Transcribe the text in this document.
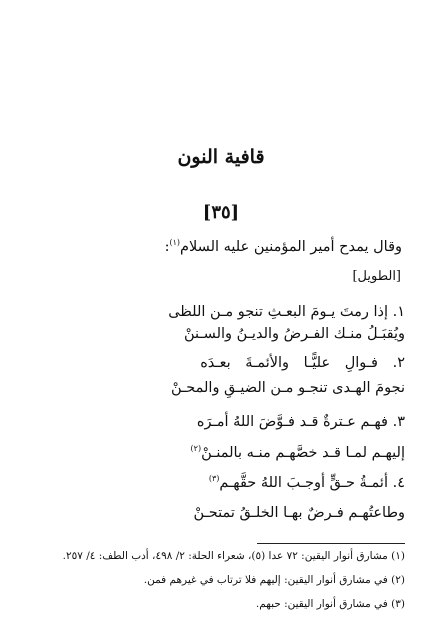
قافية النون
[٣٥]
وقال يمدح أمير المؤمنين عليه السلام$^{(١)}$:
[الطويل]
١. إذا رمتَ يـومَ البعـثِ تنجو مـن اللظى
ويُقبَـلُ منـك الفـرضُ والديـنُ والسـننْ
٢. فـوالِ عليًّـا والأئمـةَ بعـدَه
نجومَ الهـدى تنجـو مـن الضيـقِ والمحـنْ
٣. فهـم عـترةٌ قـد فـوَّضَ اللهُ أمـرَه
إليهـم لمـا قـد خصَّهـم منـه بالمنـنْ$^{(٢)}$
٤. أئمـةُ حـقٍّ أوجـبَ اللهُ حقَّهـم$^{(٣)}$
وطاعتُهـم فـرضٌ بهـا الخلـقُ تمتحـنْ
(١) مشارق أنوار اليقين: ٧٢ عدا (٥)، شعراء الحلة: ٢/ ٤٩٨، أدب الطف: ٤/ ٢٥٧.
(٢) في مشارق أنوار اليقين: إليهم فلا ترتاب في غيرهم فمن.
(٣) في مشارق أنوار اليقين: حبهم.
